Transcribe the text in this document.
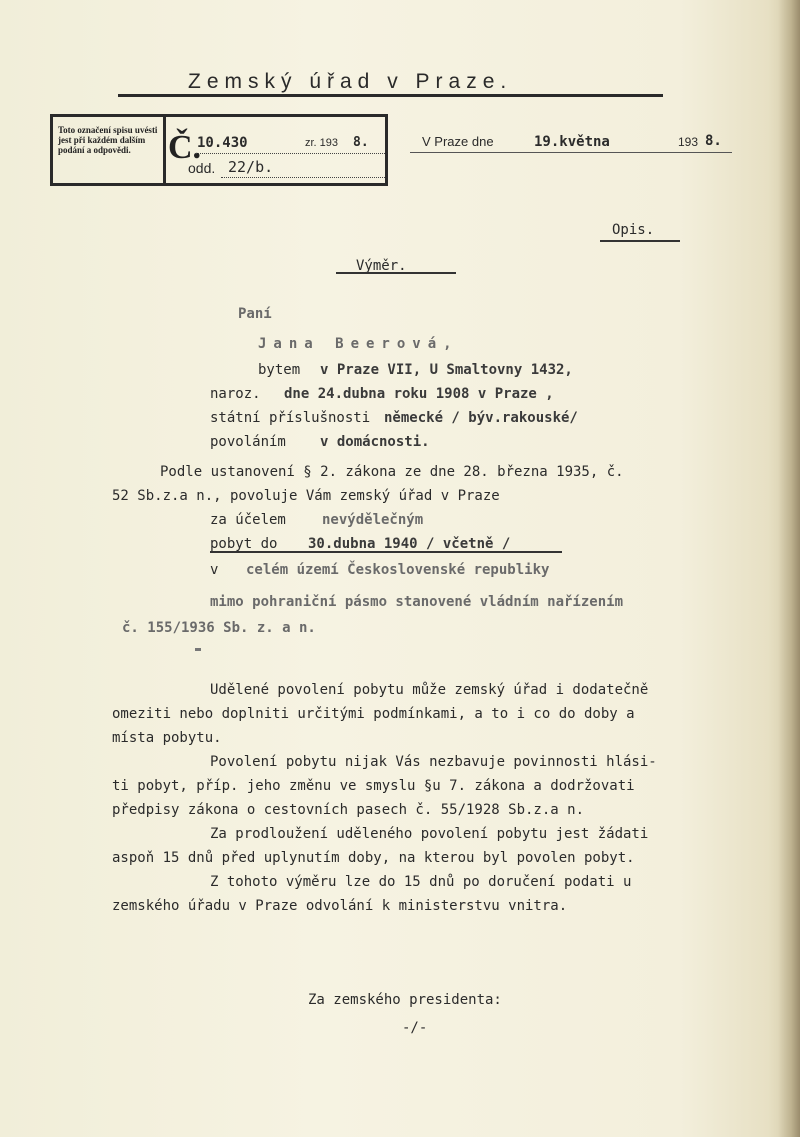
Zemský úřad v Praze.
Toto označení spisu uvésti jest při každém dalším podání a odpovědi.	Č.
10.430	zr. 193 8.
odd. 22/b.
V Praze dne	19.května	193 8.
Opis.
Výměr.
Paní
Jana Beerová,
bytem v Praze VII, U Smaltovny 1432,
naroz. dne 24.dubna roku 1908 v Praze ,
státní příslušnosti německé / býv.rakouské/
povoláním v domácnosti.
Podle ustanovení § 2. zákona ze dne 28. března 1935, č.
52 Sb.z.a n., povoluje Vám zemský úřad v Praze
za účelem	nevýdělečným
pobyt do 30.dubna 1940 / včetně /
v celém území Československé republiky
mimo pohraniční pásmo stanovené vládním nařízením
č. 155/1936 Sb. z. a n.
Udělené povolení pobytu může zemský úřad i dodatečně
omeziti nebo doplniti určitými podmínkami, a to i co do doby a
místa pobytu.
Povolení pobytu nijak Vás nezbavuje povinnosti hlási-
ti pobyt, příp. jeho změnu ve smyslu §u 7. zákona a dodržovati
předpisy zákona o cestovních pasech č. 55/1928 Sb.z.a n.
Za prodloužení uděleného povolení pobytu jest žádati
aspoň 15 dnů před uplynutím doby, na kterou byl povolen pobyt.
Z tohoto výměru lze do 15 dnů po doručení podati u
zemského úřadu v Praze odvolání k ministerstvu vnitra.
Za zemského presidenta:
-/-
